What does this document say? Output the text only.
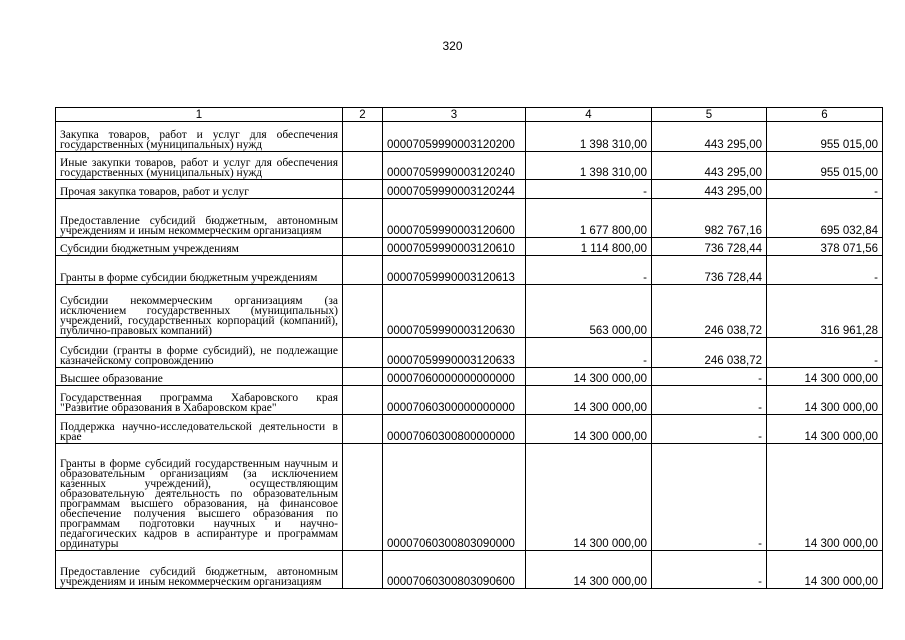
320
1	2	3	4	5	6
Закупка товаров, работ и услуг для обеспечения государственных (муниципальных) нужд		00007059990003120200	1 398 310,00	443 295,00	955 015,00
Иные закупки товаров, работ и услуг для обеспечения государственных (муниципальных) нужд		00007059990003120240	1 398 310,00	443 295,00	955 015,00
Прочая закупка товаров, работ и услуг		00007059990003120244	-	443 295,00	-
Предоставление субсидий бюджетным, автономным учреждениям и иным некоммерческим организациям		00007059990003120600	1 677 800,00	982 767,16	695 032,84
Субсидии бюджетным учреждениям		00007059990003120610	1 114 800,00	736 728,44	378 071,56
Гранты в форме субсидии бюджетным учреждениям		00007059990003120613	-	736 728,44	-
Субсидии некоммерческим организациям (за исключением государственных (муниципальных) учреждений, государственных корпораций (компаний), публично-правовых компаний)		00007059990003120630	563 000,00	246 038,72	316 961,28
Субсидии (гранты в форме субсидий), не подлежащие казначейскому сопровождению		00007059990003120633	-	246 038,72	-
Высшее образование		00007060000000000000	14 300 000,00	-	14 300 000,00
Государственная программа Хабаровского края "Развитие образования в Хабаровском крае"		00007060300000000000	14 300 000,00	-	14 300 000,00
Поддержка научно-исследовательской деятельности в крае		00007060300800000000	14 300 000,00	-	14 300 000,00
Гранты в форме субсидий государственным научным и образовательным организациям (за исключением казенных учреждений), осуществляющим образовательную деятельность по образовательным программам высшего образования, на финансовое обеспечение получения высшего образования по программам подготовки научных и научно-педагогических кадров в аспирантуре и программам ординатуры		00007060300803090000	14 300 000,00	-	14 300 000,00
Предоставление субсидий бюджетным, автономным учреждениям и иным некоммерческим организациям		00007060300803090600	14 300 000,00	-	14 300 000,00
